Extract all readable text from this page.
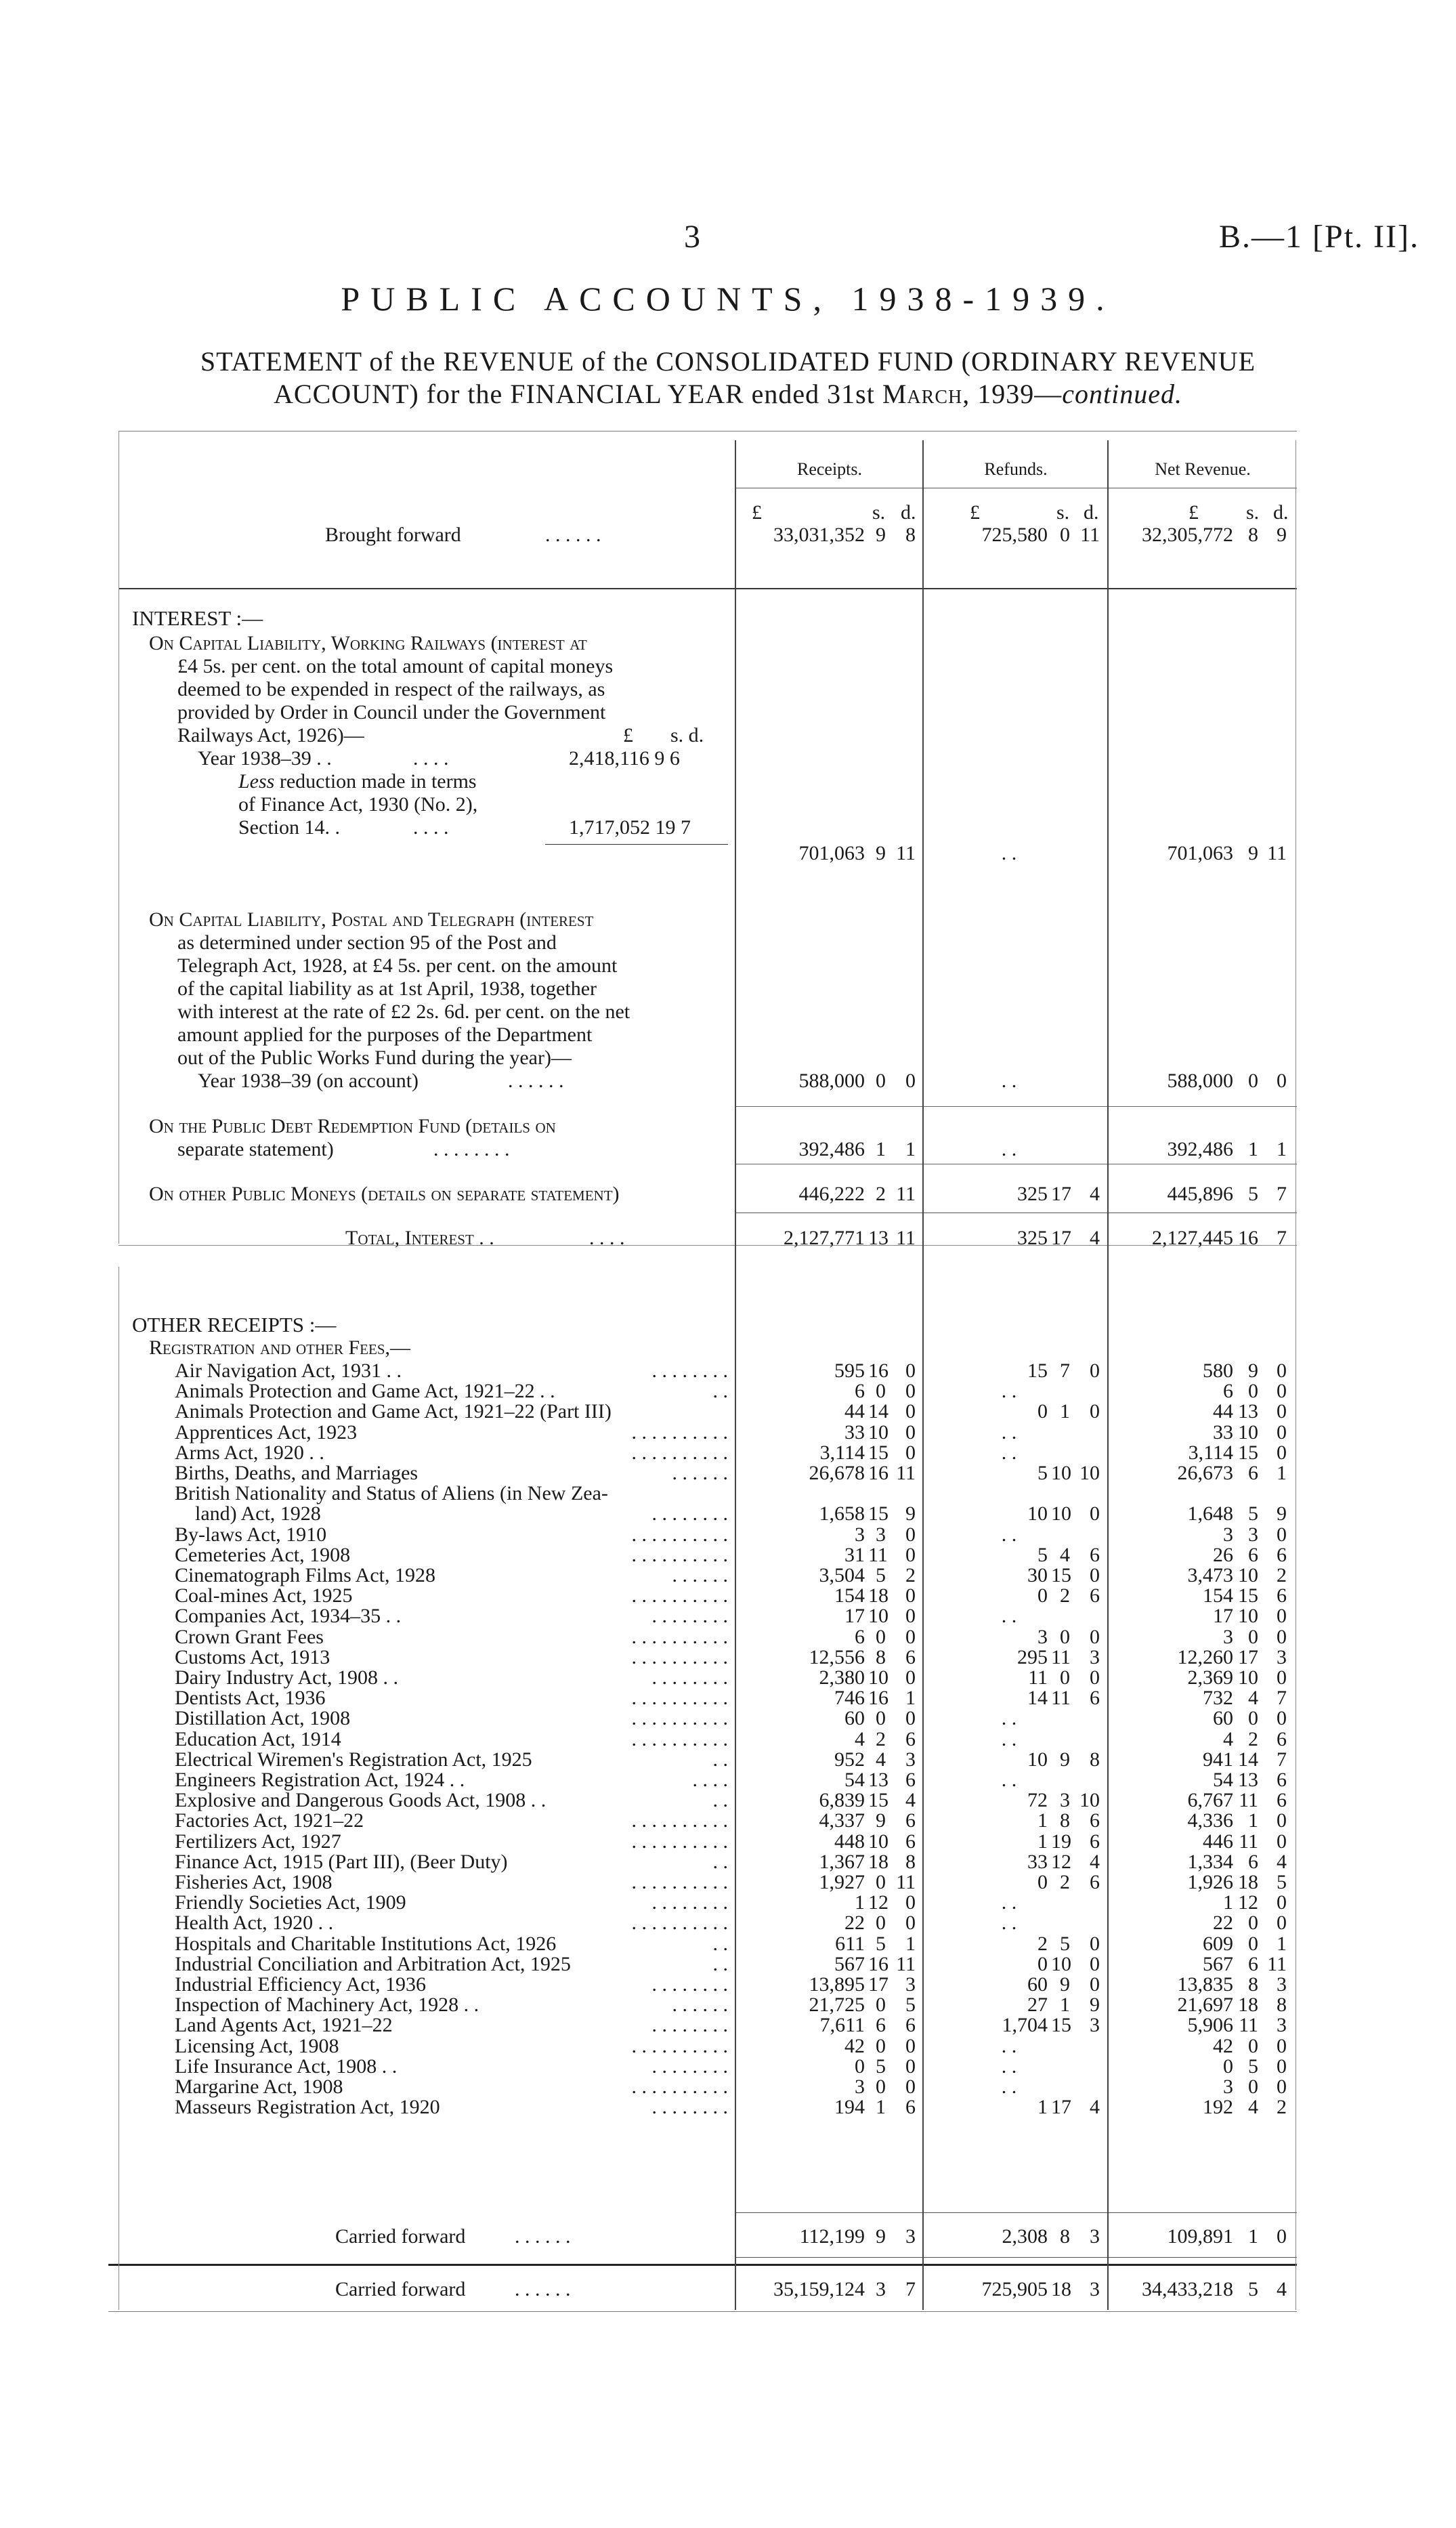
3	B.—1 [Pt. II].
PUBLIC ACCOUNTS, 1938-1939.
STATEMENT of the REVENUE of the CONSOLIDATED FUND (ORDINARY REVENUE
ACCOUNT) for the FINANCIAL YEAR ended 31st March, 1939—continued.
Receipts.	Refunds.	Net Revenue.
£	s. d.	£	s. d.	£ s. d.
Brought forward	. . . . . .	33,031,352 9 8	725,580 0 11	32,305,772 8 9
INTEREST :—
On Capital Liability, Working Railways (interest at
£4 5s. per cent. on the total amount of capital moneys
deemed to be expended in respect of the railways, as
provided by Order in Council under the Government
Railways Act, 1926)—	£ s. d.
Year 1938–39 . .	. . . .	2,418,116 9 6
Less reduction made in terms
of Finance Act, 1930 (No. 2),
Section 14. .	. . . .	1,717,052 19 7
701,063 9 11	. .	701,063 9 11
On Capital Liability, Postal and Telegraph (interest
as determined under section 95 of the Post and
Telegraph Act, 1928, at £4 5s. per cent. on the amount
of the capital liability as at 1st April, 1938, together
with interest at the rate of £2 2s. 6d. per cent. on the net
amount applied for the purposes of the Department
out of the Public Works Fund during the year)—
Year 1938–39 (on account)	. . . . . .	588,000 0 0	. .	588,000 0 0
On the Public Debt Redemption Fund (details on
separate statement)	. . . . . . . .	392,486 1 1	. .	392,486 1 1
On other Public Moneys (details on separate statement)	446,222 2 11	325 17 4	445,896 5 7
Total, Interest . .	. . . .	2,127,771 13 11	325 17 4	2,127,445 16 7
OTHER RECEIPTS :—
Registration and other Fees,—
Air Navigation Act, 1931 . .	. . . . . . . .	595 16 0	15 7 0	580 9 0
Animals Protection and Game Act, 1921–22 . .	. .	6 0 0	. .	6 0 0
Animals Protection and Game Act, 1921–22 (Part III)	44 14 0	0 1 0	44 13 0
Apprentices Act, 1923	. . . . . . . . . .	33 10 0	. .	33 10 0
Arms Act, 1920 . .	. . . . . . . . . .	3,114 15 0	. .	3,114 15 0
Births, Deaths, and Marriages	. . . . . .	26,678 16 11	5 10 10	26,673 6 1
British Nationality and Status of Aliens (in New Zea-
land) Act, 1928	. . . . . . . .	1,658 15 9	10 10 0	1,648 5 9
By-laws Act, 1910	. . . . . . . . . .	3 3 0	. .	3 3 0
Cemeteries Act, 1908	. . . . . . . . . .	31 11 0	5 4 6	26 6 6
Cinematograph Films Act, 1928	. . . . . .	3,504 5 2	30 15 0	3,473 10 2
Coal-mines Act, 1925	. . . . . . . . . .	154 18 0	0 2 6	154 15 6
Companies Act, 1934–35 . .	. . . . . . . .	17 10 0	. .	17 10 0
Crown Grant Fees	. . . . . . . . . .	6 0 0	3 0 0	3 0 0
Customs Act, 1913	. . . . . . . . . .	12,556 8 6	295 11 3	12,260 17 3
Dairy Industry Act, 1908 . .	. . . . . . . .	2,380 10 0	11 0 0	2,369 10 0
Dentists Act, 1936	. . . . . . . . . .	746 16 1	14 11 6	732 4 7
Distillation Act, 1908	. . . . . . . . . .	60 0 0	. .	60 0 0
Education Act, 1914	. . . . . . . . . .	4 2 6	. .	4 2 6
Electrical Wiremen's Registration Act, 1925	. .	952 4 3	10 9 8	941 14 7
Engineers Registration Act, 1924 . .	. . . .	54 13 6	. .	54 13 6
Explosive and Dangerous Goods Act, 1908 . .	. .	6,839 15 4	72 3 10	6,767 11 6
Factories Act, 1921–22	. . . . . . . . . .	4,337 9 6	1 8 6	4,336 1 0
Fertilizers Act, 1927	. . . . . . . . . .	448 10 6	1 19 6	446 11 0
Finance Act, 1915 (Part III), (Beer Duty)	. .	1,367 18 8	33 12 4	1,334 6 4
Fisheries Act, 1908	. . . . . . . . . .	1,927 0 11	0 2 6	1,926 18 5
Friendly Societies Act, 1909	. . . . . . . .	1 12 0	. .	1 12 0
Health Act, 1920 . .	. . . . . . . . . .	22 0 0	. .	22 0 0
Hospitals and Charitable Institutions Act, 1926	. .	611 5 1	2 5 0	609 0 1
Industrial Conciliation and Arbitration Act, 1925	. .	567 16 11	0 10 0	567 6 11
Industrial Efficiency Act, 1936	. . . . . . . .	13,895 17 3	60 9 0	13,835 8 3
Inspection of Machinery Act, 1928 . .	. . . . . .	21,725 0 5	27 1 9	21,697 18 8
Land Agents Act, 1921–22	. . . . . . . .	7,611 6 6	1,704 15 3	5,906 11 3
Licensing Act, 1908	. . . . . . . . . .	42 0 0	. .	42 0 0
Life Insurance Act, 1908 . .	. . . . . . . .	0 5 0	. .	0 5 0
Margarine Act, 1908	. . . . . . . . . .	3 0 0	. .	3 0 0
Masseurs Registration Act, 1920	. . . . . . . .	194 1 6	1 17 4	192 4 2
Carried forward . . . . . .	112,199 9 3	2,308 8 3	109,891 1 0
Carried forward . . . . . .	35,159,124 3 7	725,905 18 3	34,433,218 5 4
